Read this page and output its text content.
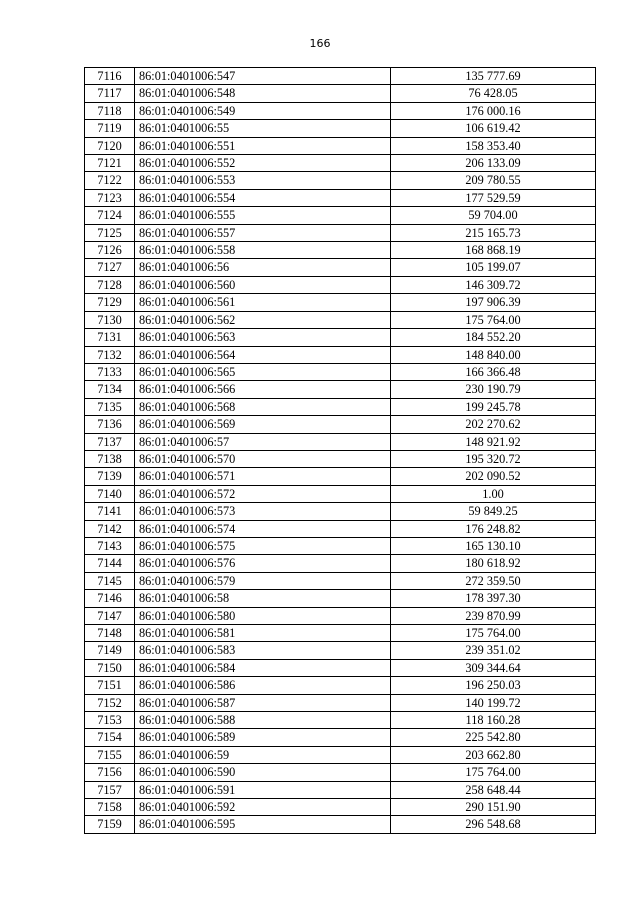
166
7116	86:01:0401006:547	135 777.69
7117	86:01:0401006:548	76 428.05
7118	86:01:0401006:549	176 000.16
7119	86:01:0401006:55	106 619.42
7120	86:01:0401006:551	158 353.40
7121	86:01:0401006:552	206 133.09
7122	86:01:0401006:553	209 780.55
7123	86:01:0401006:554	177 529.59
7124	86:01:0401006:555	59 704.00
7125	86:01:0401006:557	215 165.73
7126	86:01:0401006:558	168 868.19
7127	86:01:0401006:56	105 199.07
7128	86:01:0401006:560	146 309.72
7129	86:01:0401006:561	197 906.39
7130	86:01:0401006:562	175 764.00
7131	86:01:0401006:563	184 552.20
7132	86:01:0401006:564	148 840.00
7133	86:01:0401006:565	166 366.48
7134	86:01:0401006:566	230 190.79
7135	86:01:0401006:568	199 245.78
7136	86:01:0401006:569	202 270.62
7137	86:01:0401006:57	148 921.92
7138	86:01:0401006:570	195 320.72
7139	86:01:0401006:571	202 090.52
7140	86:01:0401006:572	1.00
7141	86:01:0401006:573	59 849.25
7142	86:01:0401006:574	176 248.82
7143	86:01:0401006:575	165 130.10
7144	86:01:0401006:576	180 618.92
7145	86:01:0401006:579	272 359.50
7146	86:01:0401006:58	178 397.30
7147	86:01:0401006:580	239 870.99
7148	86:01:0401006:581	175 764.00
7149	86:01:0401006:583	239 351.02
7150	86:01:0401006:584	309 344.64
7151	86:01:0401006:586	196 250.03
7152	86:01:0401006:587	140 199.72
7153	86:01:0401006:588	118 160.28
7154	86:01:0401006:589	225 542.80
7155	86:01:0401006:59	203 662.80
7156	86:01:0401006:590	175 764.00
7157	86:01:0401006:591	258 648.44
7158	86:01:0401006:592	290 151.90
7159	86:01:0401006:595	296 548.68
